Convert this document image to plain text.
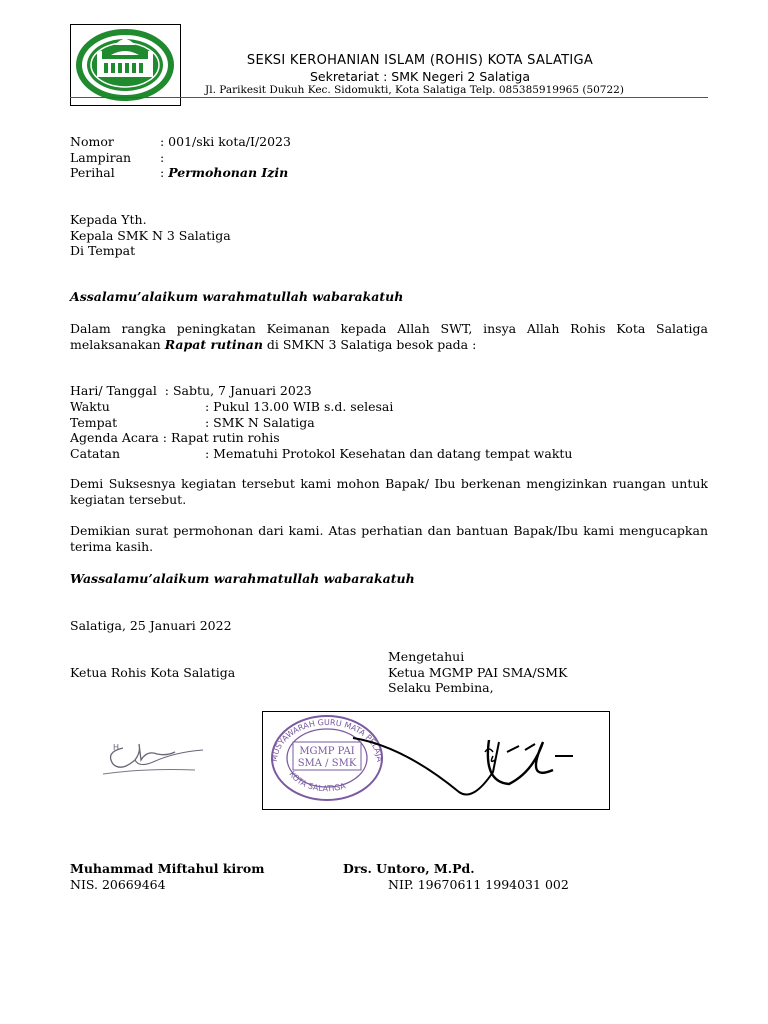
SEKSI KEROHANIAN ISLAM (ROHIS) KOTA SALATIGA
Sekretariat : SMK Negeri 2 Salatiga
Jl. Parikesit Dukuh Kec. Sidomukti, Kota Salatiga Telp. 085385919965 (50722)
Nomor	: 001/ski kota/I/2023
Lampiran :
Perihal	: Permohonan Izin
Kepada Yth.
Kepala SMK N 3 Salatiga
Di Tempat
Assalamu’alaikum warahmatullah wabarakatuh
Dalam rangka peningkatan Keimanan kepada Allah SWT, insya Allah Rohis Kota Salatiga melaksanakan Rapat rutinan di SMKN 3 Salatiga besok pada :
Hari/ Tanggal : Sabtu, 7 Januari 2023
Waktu	: Pukul 13.00 WIB s.d. selesai
Tempat	: SMK N Salatiga
Agenda Acara : Rapat rutin rohis
Catatan	: Mematuhi Protokol Kesehatan dan datang tempat waktu
Demi Suksesnya kegiatan tersebut kami mohon Bapak/ Ibu berkenan mengizinkan ruangan untuk kegiatan tersebut.
Demikian surat permohonan dari kami. Atas perhatian dan bantuan Bapak/Ibu kami mengucapkan terima kasih.
Wassalamu’alaikum warahmatullah wabarakatuh
Salatiga, 25 Januari 2022
Mengetahui
Ketua Rohis Kota Salatiga	Ketua MGMP PAI SMA/SMK
Selaku Pembina,
H
MUSYAWARAH GURU MATA PELAJA
KOTA SALATIGA
MGMP PAI
SMA / SMK
Muhammad Miftahul kirom	Drs. Untoro, M.Pd.
NIS. 20669464	NIP. 19670611 1994031 002
